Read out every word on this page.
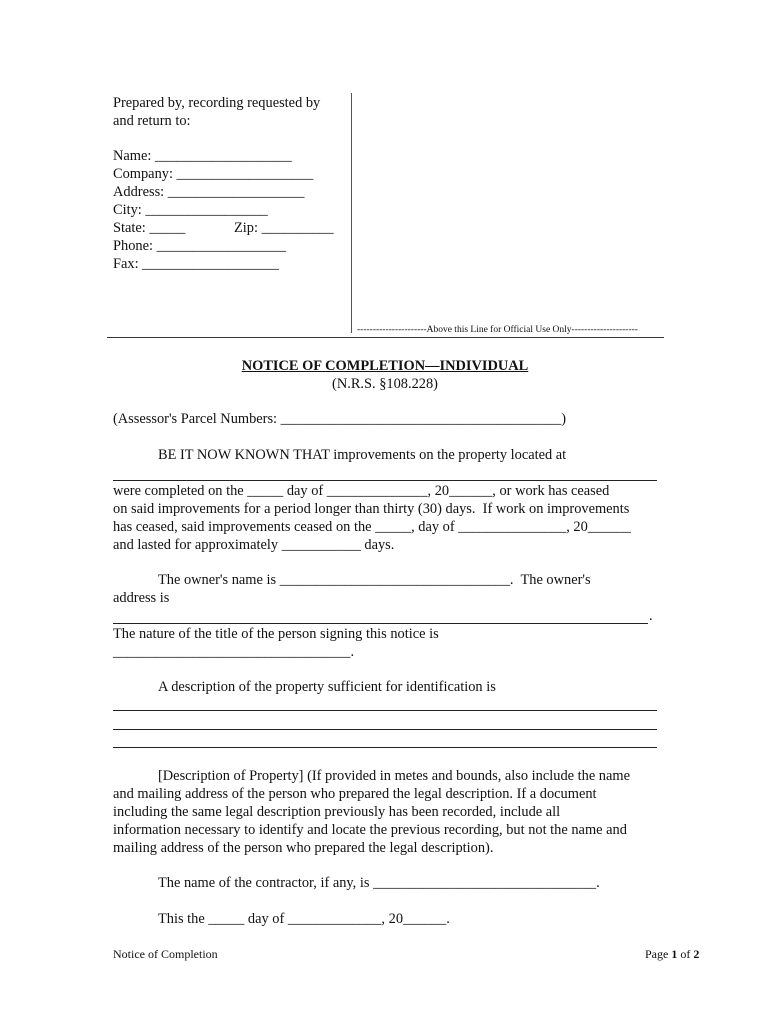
Prepared by, recording requested by
and return to:
Name: ___________________
Company: ___________________
Address: ___________________
City: _________________
State: _____	Zip: __________
Phone: __________________
Fax: ___________________
----------------------Above this Line for Official Use Only---------------------
NOTICE OF COMPLETION—INDIVIDUAL
(N.R.S. §108.228)
(Assessor's Parcel Numbers: _______________________________________)
BE IT NOW KNOWN THAT improvements on the property located at
were completed on the _____ day of ______________, 20______, or work has ceased
on said improvements for a period longer than thirty (30) days.  If work on improvements
has ceased, said improvements ceased on the _____, day of _______________, 20______
and lasted for approximately ___________ days.
The owner's name is ________________________________.  The owner's
address is
.
The nature of the title of the person signing this notice is
_________________________________.
A description of the property sufficient for identification is
[Description of Property] (If provided in metes and bounds, also include the name
and mailing address of the person who prepared the legal description. If a document
including the same legal description previously has been recorded, include all
information necessary to identify and locate the previous recording, but not the name and
mailing address of the person who prepared the legal description).
The name of the contractor, if any, is _______________________________.
This the _____ day of _____________, 20______.
Notice of Completion	Page 1 of 2
